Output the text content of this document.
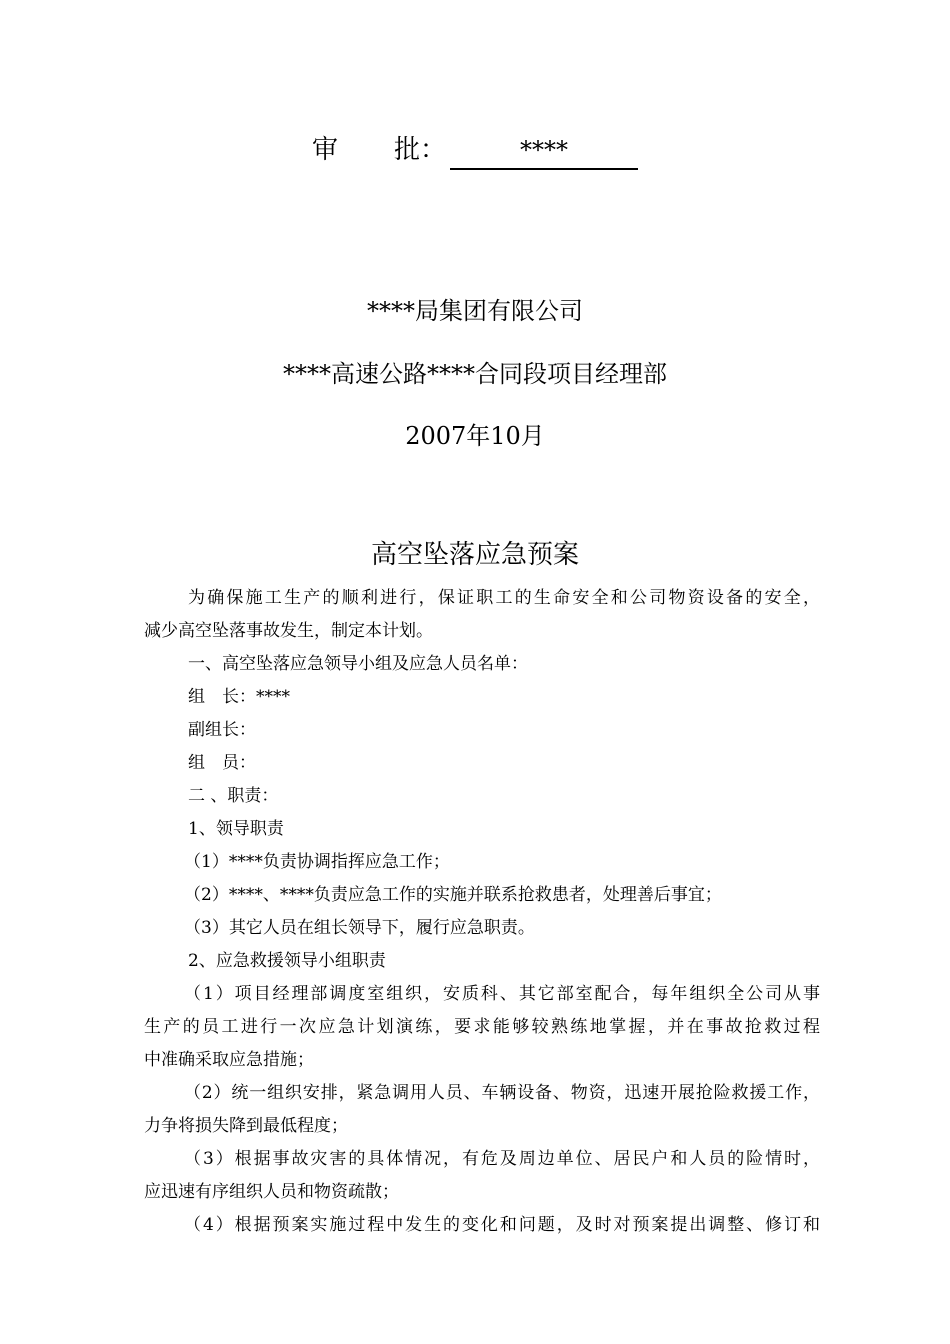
审 批：	****
****局集团有限公司
****高速公路****合同段项目经理部
2007年10月
高空坠落应急预案
为确保施工生产的顺利进行，保证职工的生命安全和公司物资设备的安全，
减少高空坠落事故发生，制定本计划。
一、高空坠落应急领导小组及应急人员名单：
组　长：****
副组长：
组　员：
二 、职责：
1、领导职责
（1）****负责协调指挥应急工作；
（2）****、****负责应急工作的实施并联系抢救患者，处理善后事宜；
（3）其它人员在组长领导下，履行应急职责。
2、应急救援领导小组职责
（1）项目经理部调度室组织，安质科、其它部室配合，每年组织全公司从事
生产的员工进行一次应急计划演练，要求能够较熟练地掌握，并在事故抢救过程
中准确采取应急措施；
（2）统一组织安排，紧急调用人员、车辆设备、物资，迅速开展抢险救援工作，
力争将损失降到最低程度；
（3）根据事故灾害的具体情况，有危及周边单位、居民户和人员的险情时，
应迅速有序组织人员和物资疏散；
（4）根据预案实施过程中发生的变化和问题，及时对预案提出调整、修订和
